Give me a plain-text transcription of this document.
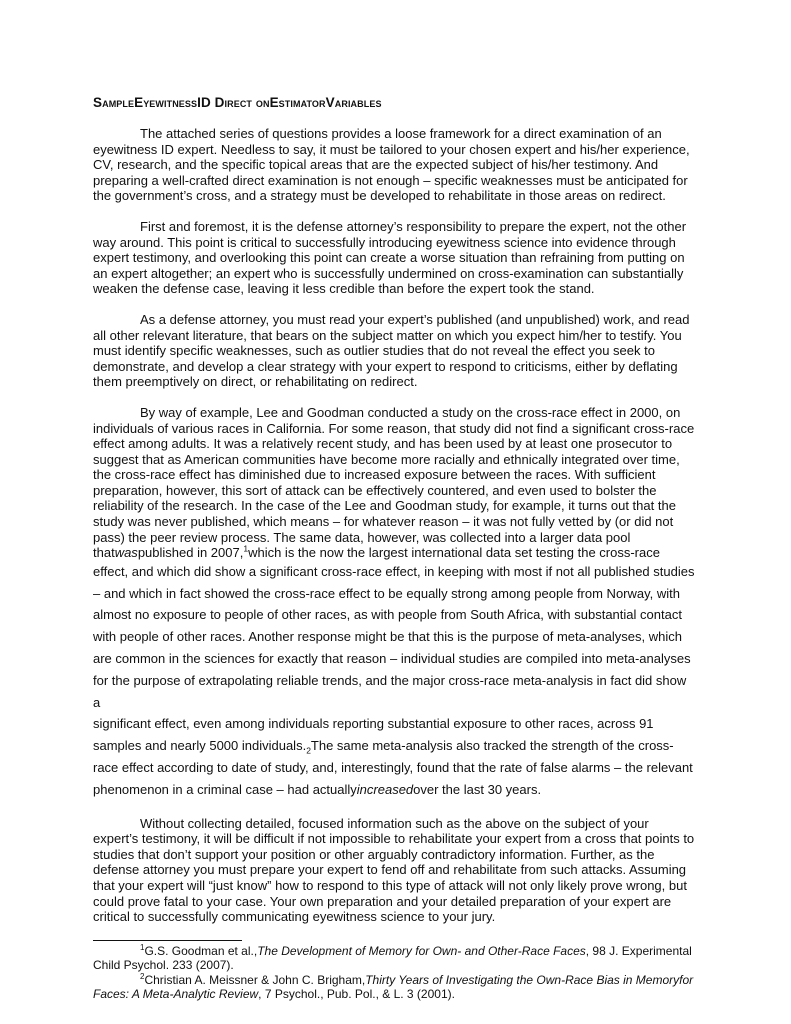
SampleEyewitnessID Direct onEstimatorVariables

The attached series of questions provides a loose framework for a direct examination of an eyewitness ID expert. Needless to say, it must be tailored to your chosen expert and his/her experience, CV, research, and the specific topical areas that are the expected subject of his/her testimony. And preparing a well-crafted direct examination is not enough – specific weaknesses must be anticipated for the government’s cross, and a strategy must be developed to rehabilitate in those areas on redirect.

First and foremost, it is the defense attorney’s responsibility to prepare the expert, not the other way around. This point is critical to successfully introducing eyewitness science into evidence through expert testimony, and overlooking this point can create a worse situation than refraining from putting on an expert altogether; an expert who is successfully undermined on cross-examination can substantially weaken the defense case, leaving it less credible than before the expert took the stand.

As a defense attorney, you must read your expert’s published (and unpublished) work, and read all other relevant literature, that bears on the subject matter on which you expect him/her to testify. You must identify specific weaknesses, such as outlier studies that do not reveal the effect you seek to demonstrate, and develop a clear strategy with your expert to respond to criticisms, either by deflating them preemptively on direct, or rehabilitating on redirect.

By way of example, Lee and Goodman conducted a study on the cross-race effect in 2000, on individuals of various races in California. For some reason, that study did not find a significant cross-race effect among adults. It was a relatively recent study, and has been used by at least one prosecutor to suggest that as American communities have become more racially and ethnically integrated over time, the cross-race effect has diminished due to increased exposure between the races. With sufficient preparation, however, this sort of attack can be effectively countered, and even used to bolster the reliability of the research. In the case of the Lee and Goodman study, for example, it turns out that the study was never published, which means – for whatever reason – it was not fully vetted by (or did not pass) the peer review process. The same data, however, was collected into a larger data pool
thatwaspublished in 2007,$^1$which is the now the largest international data set testing the cross-race
effect, and which did show a significant cross-race effect, in keeping with most if not all published studies
– and which in fact showed the cross-race effect to be equally strong among people from Norway, with
almost no exposure to people of other races, as with people from South Africa, with substantial contact
with people of other races. Another response might be that this is the purpose of meta-analyses, which
are common in the sciences for exactly that reason – individual studies are compiled into meta-analyses
for the purpose of extrapolating reliable trends, and the major cross-race meta-analysis in fact did show a
significant effect, even among individuals reporting substantial exposure to other races, across 91
samples and nearly 5000 $individuals._2The$ same meta-analysis also tracked the strength of the cross-
race effect according to date of study, and, interestingly, found that the rate of false alarms – the relevant
phenomenon in a criminal case – had actuallyincreasedover the last 30 years.

Without collecting detailed, focused information such as the above on the subject of your expert’s testimony, it will be difficult if not impossible to rehabilitate your expert from a cross that points to studies that don’t support your position or other arguably contradictory information. Further, as the defense attorney you must prepare your expert to fend off and rehabilitate from such attacks. Assuming that your expert will “just know” how to respond to this type of attack will not only likely prove wrong, but could prove fatal to your case. Your own preparation and your detailed preparation of your expert are critical to successfully communicating eyewitness science to your jury.

$^1$G.S. Goodman et al.,The Development of Memory for Own- and Other-Race Faces, 98 J. Experimental Child Psychol. 233 (2007).

$^2$Christian A. Meissner & John C. Brigham,Thirty Years of Investigating the Own-Race Bias in Memoryfor Faces: A Meta-Analytic Review, 7 Psychol., Pub. Pol., & L. 3 (2001).
